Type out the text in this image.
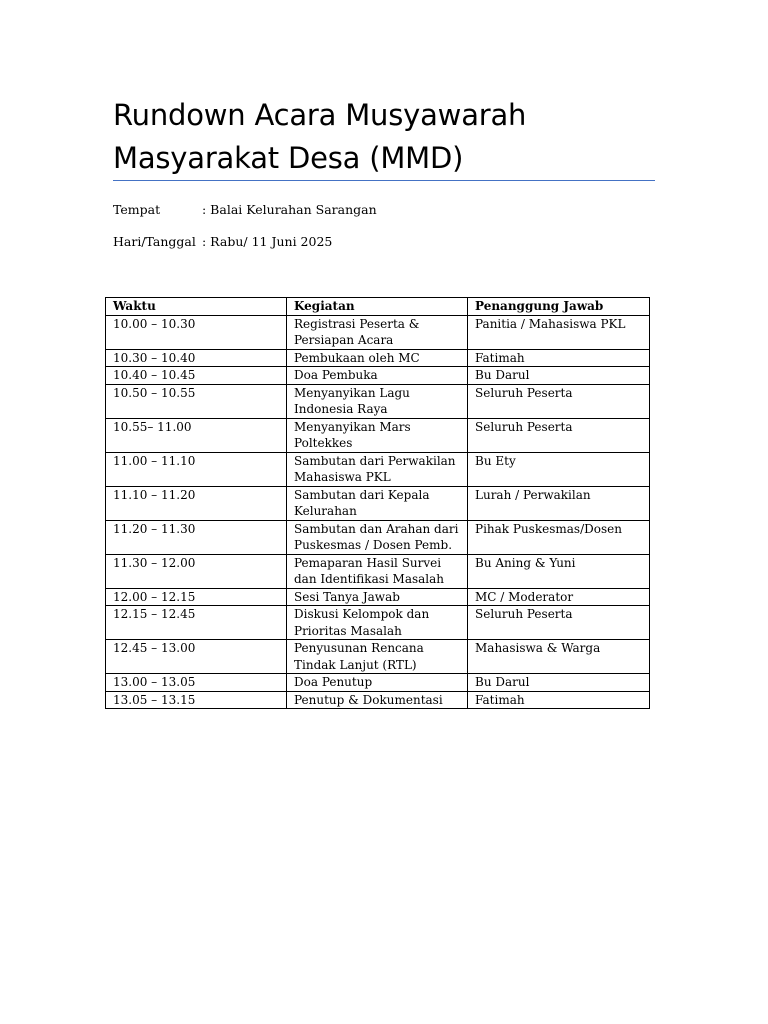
Rundown Acara Musyawarah
Masyarakat Desa (MMD)
Tempat	: Balai Kelurahan Sarangan
Hari/Tanggal : Rabu/ 11 Juni 2025
Waktu	Kegiatan	Penanggung Jawab
10.00 – 10.30	Registrasi Peserta & Persiapan Acara	Panitia / Mahasiswa PKL
10.30 – 10.40	Pembukaan oleh MC	Fatimah
10.40 – 10.45	Doa Pembuka	Bu Darul
10.50 – 10.55	Menyanyikan Lagu Indonesia Raya	Seluruh Peserta
10.55– 11.00	Menyanyikan Mars Poltekkes	Seluruh Peserta
11.00 – 11.10	Sambutan dari Perwakilan Mahasiswa PKL	Bu Ety
11.10 – 11.20	Sambutan dari Kepala Kelurahan	Lurah / Perwakilan
11.20 – 11.30	Sambutan dan Arahan dari Puskesmas / Dosen Pemb.	Pihak Puskesmas/Dosen
11.30 – 12.00	Pemaparan Hasil Survei dan Identifikasi Masalah	Bu Aning & Yuni
12.00 – 12.15	Sesi Tanya Jawab	MC / Moderator
12.15 – 12.45	Diskusi Kelompok dan Prioritas Masalah	Seluruh Peserta
12.45 – 13.00	Penyusunan Rencana Tindak Lanjut (RTL)	Mahasiswa & Warga
13.00 – 13.05	Doa Penutup	Bu Darul
13.05 – 13.15	Penutup & Dokumentasi	Fatimah
